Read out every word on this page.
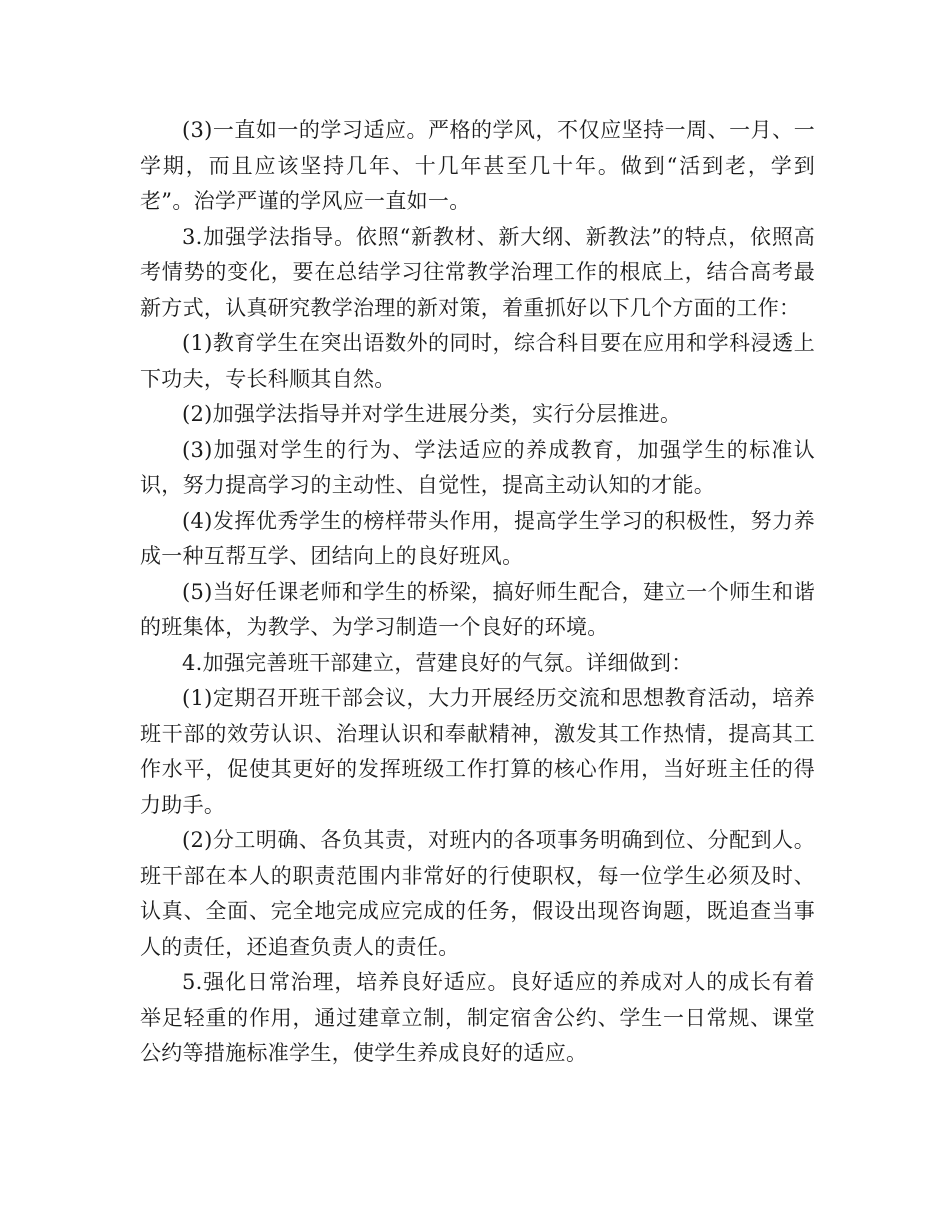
(3)一直如一的学习适应。严格的学风，不仅应坚持一周、一月、一学期，而且应该坚持几年、十几年甚至几十年。做到“活到老，学到老”。治学严谨的学风应一直如一。

3.加强学法指导。依照“新教材、新大纲、新教法”的特点，依照高考情势的变化，要在总结学习往常教学治理工作的根底上，结合高考最新方式，认真研究教学治理的新对策，着重抓好以下几个方面的工作：

(1)教育学生在突出语数外的同时，综合科目要在应用和学科浸透上下功夫，专长科顺其自然。

(2)加强学法指导并对学生进展分类，实行分层推进。

(3)加强对学生的行为、学法适应的养成教育，加强学生的标准认识，努力提高学习的主动性、自觉性，提高主动认知的才能。

(4)发挥优秀学生的榜样带头作用，提高学生学习的积极性，努力养成一种互帮互学、团结向上的良好班风。

(5)当好任课老师和学生的桥梁，搞好师生配合，建立一个师生和谐的班集体，为教学、为学习制造一个良好的环境。

4.加强完善班干部建立，营建良好的气氛。详细做到：

(1)定期召开班干部会议，大力开展经历交流和思想教育活动，培养班干部的效劳认识、治理认识和奉献精神，激发其工作热情，提高其工作水平，促使其更好的发挥班级工作打算的核心作用，当好班主任的得力助手。

(2)分工明确、各负其责，对班内的各项事务明确到位、分配到人。班干部在本人的职责范围内非常好的行使职权，每一位学生必须及时、认真、全面、完全地完成应完成的任务，假设出现咨询题，既追查当事人的责任，还追查负责人的责任。

5.强化日常治理，培养良好适应。良好适应的养成对人的成长有着举足轻重的作用，通过建章立制，制定宿舍公约、学生一日常规、课堂公约等措施标准学生，使学生养成良好的适应。
